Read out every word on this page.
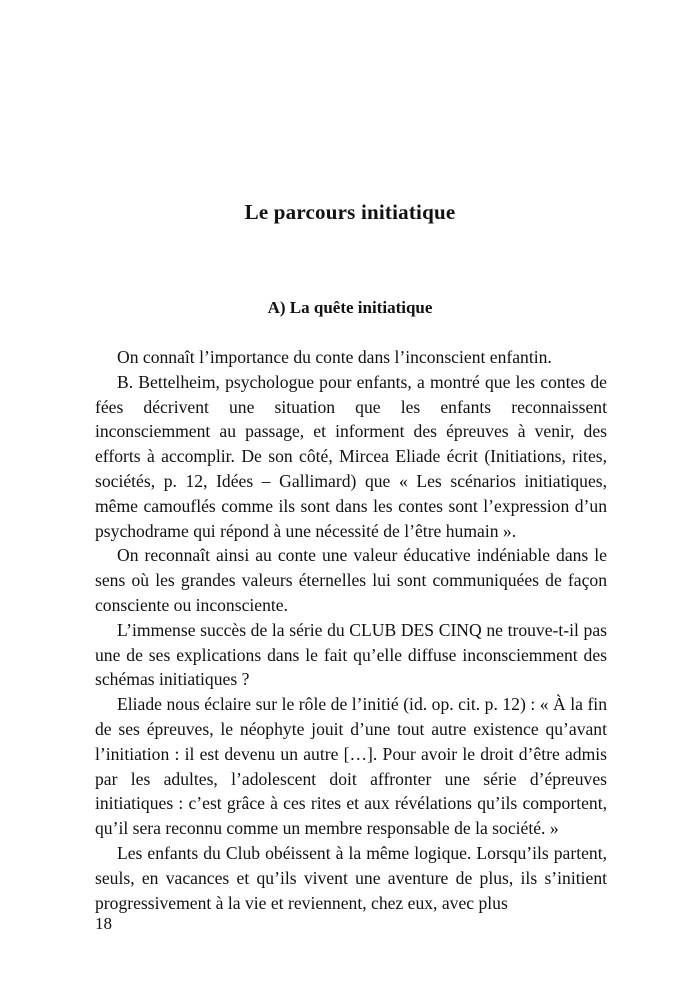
Le parcours initiatique
A) La quête initiatique

On connaît l’importance du conte dans l’inconscient enfantin.

B. Bettelheim, psychologue pour enfants, a montré que les contes de fées décrivent une situation que les enfants reconnaissent inconsciemment au passage, et informent des épreuves à venir, des efforts à accomplir. De son côté, Mircea Eliade écrit (Initiations, rites, sociétés, p. 12, Idées – Gallimard) que « Les scénarios initiatiques, même camouflés comme ils sont dans les contes sont l’expression d’un psychodrame qui répond à une nécessité de l’être humain ».

On reconnaît ainsi au conte une valeur éducative indéniable dans le sens où les grandes valeurs éternelles lui sont communiquées de façon consciente ou inconsciente.

L’immense succès de la série du CLUB DES CINQ ne trouve-t-il pas une de ses explications dans le fait qu’elle diffuse inconsciemment des schémas initiatiques ?

Eliade nous éclaire sur le rôle de l’initié (id. op. cit. p. 12) : « À la fin de ses épreuves, le néophyte jouit d’une tout autre existence qu’avant l’initiation : il est devenu un autre […]. Pour avoir le droit d’être admis par les adultes, l’adolescent doit affronter une série d’épreuves initiatiques : c’est grâce à ces rites et aux révélations qu’ils comportent, qu’il sera reconnu comme un membre responsable de la société. »

Les enfants du Club obéissent à la même logique. Lorsqu’ils partent, seuls, en vacances et qu’ils vivent une aventure de plus, ils s’initient progressivement à la vie et reviennent, chez eux, avec plus

18
